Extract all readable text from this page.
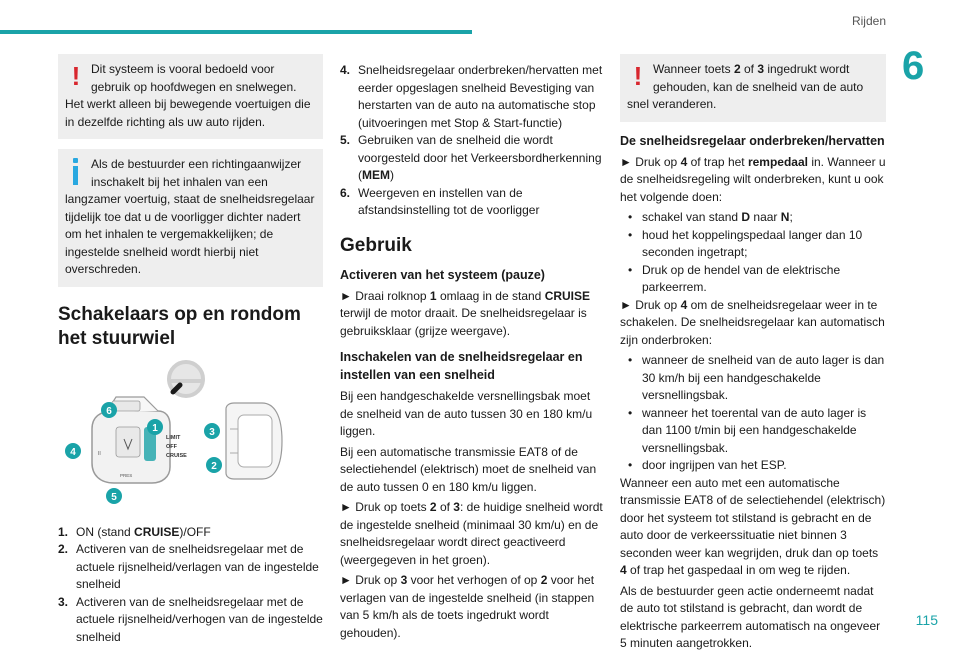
Rijden
6
! Dit systeem is vooral bedoeld voor gebruik op hoofdwegen en snelwegen. Het werkt alleen bij bewegende voertuigen die in dezelfde richting als uw auto rijden.
Als de bestuurder een richtingaanwijzer inschakelt bij het inhalen van een langzamer voertuig, staat de snelheidsregelaar tijdelijk toe dat u de voorligger dichter nadert om het inhalen te vergemakkelijken; de ingestelde snelheid wordt hierbij niet overschreden.
Schakelaars op en rondom het stuurwiel
LIMIT
OFF
CRUISE
II
PRES
1
6
4
5
3
2
1. ON (stand CRUISE)/OFF
2. Activeren van de snelheidsregelaar met de actuele rijsnelheid/verlagen van de ingestelde snelheid
3. Activeren van de snelheidsregelaar met de actuele rijsnelheid/verhogen van de ingestelde snelheid
4. Snelheidsregelaar onderbreken/hervatten met eerder opgeslagen snelheid Bevestiging van herstarten van de auto na automatische stop (uitvoeringen met Stop & Start-functie)
5. Gebruiken van de snelheid die wordt voorgesteld door het Verkeersbordherkenning (MEM)
6. Weergeven en instellen van de afstandsinstelling tot de voorligger
Gebruik
Activeren van het systeem (pauze)

► Draai rolknop 1 omlaag in de stand CRUISE terwijl de motor draait. De snelheidsregelaar is gebruiksklaar (grijze weergave).

Inschakelen van de snelheidsregelaar en instellen van een snelheid

Bij een handgeschakelde versnellingsbak moet de snelheid van de auto tussen 30 en 180 km/u liggen.

Bij een automatische transmissie EAT8 of de selectiehendel (elektrisch) moet de snelheid van de auto tussen 0 en 180 km/u liggen.

► Druk op toets 2 of 3: de huidige snelheid wordt de ingestelde snelheid (minimaal 30 km/u) en de snelheidsregelaar wordt direct geactiveerd (weergegeven in het groen).

► Druk op 3 voor het verhogen of op 2 voor het verlagen van de ingestelde snelheid (in stappen van 5 km/h als de toets ingedrukt wordt gehouden).

! Wanneer toets 2 of 3 ingedrukt wordt gehouden, kan de snelheid van de auto snel veranderen.
De snelheidsregelaar onderbreken/hervatten

► Druk op 4 of trap het rempedaal in. Wanneer u de snelheidsregeling wilt onderbreken, kunt u ook het volgende doen:

• schakel van stand D naar N;
• houd het koppelingspedaal langer dan 10 seconden ingetrapt;
• Druk op de hendel van de elektrische parkeerrem.

► Druk op 4 om de snelheidsregelaar weer in te schakelen. De snelheidsregelaar kan automatisch zijn onderbroken:

• wanneer de snelheid van de auto lager is dan 30 km/h bij een handgeschakelde versnellingsbak.
• wanneer het toerental van de auto lager is dan 1100 t/min bij een handgeschakelde versnellingsbak.
• door ingrijpen van het ESP.

Wanneer een auto met een automatische transmissie EAT8 of de selectiehendel (elektrisch) door het systeem tot stilstand is gebracht en de auto door de verkeerssituatie niet binnen 3 seconden weer kan wegrijden, druk dan op toets 4 of trap het gaspedaal in om weg te rijden.

Als de bestuurder geen actie onderneemt nadat de auto tot stilstand is gebracht, dan wordt de elektrische parkeerrem automatisch na ongeveer 5 minuten aangetrokken.

115
